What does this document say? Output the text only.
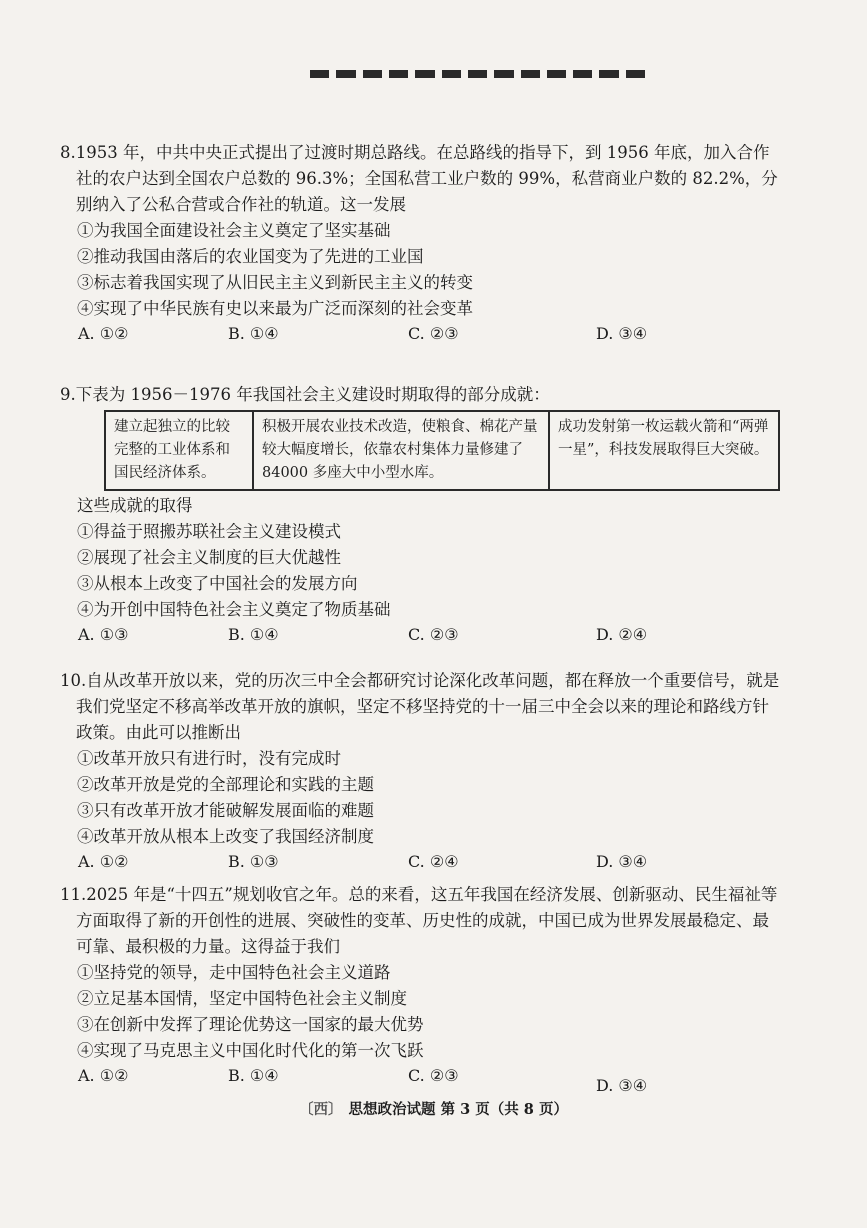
8.1953 年，中共中央正式提出了过渡时期总路线。在总路线的指导下，到 1956 年底，加入合作社的农户达到全国农户总数的 96.3%；全国私营工业户数的 99%，私营商业户数的 82.2%，分别纳入了公私合营或合作社的轨道。这一发展
①为我国全面建设社会主义奠定了坚实基础
②推动我国由落后的农业国变为了先进的工业国
③标志着我国实现了从旧民主主义到新民主主义的转变
④实现了中华民族有史以来最为广泛而深刻的社会变革
A. ①②	B. ①④	C. ②③	D. ③④
9.下表为 1956－1976 年我国社会主义建设时期取得的部分成就：
建立起独立的比较完整的工业体系和国民经济体系。	积极开展农业技术改造，使粮食、棉花产量较大幅度增长，依靠农村集体力量修建了 84000 多座大中小型水库。	成功发射第一枚运载火箭和“两弹一星”，科技发展取得巨大突破。
这些成就的取得
①得益于照搬苏联社会主义建设模式
②展现了社会主义制度的巨大优越性
③从根本上改变了中国社会的发展方向
④为开创中国特色社会主义奠定了物质基础
A. ①③	B. ①④	C. ②③	D. ②④
10.自从改革开放以来，党的历次三中全会都研究讨论深化改革问题，都在释放一个重要信号，就是我们党坚定不移高举改革开放的旗帜，坚定不移坚持党的十一届三中全会以来的理论和路线方针政策。由此可以推断出
①改革开放只有进行时，没有完成时
②改革开放是党的全部理论和实践的主题
③只有改革开放才能破解发展面临的难题
④改革开放从根本上改变了我国经济制度
A. ①②	B. ①③	C. ②④	D. ③④
11.2025 年是“十四五”规划收官之年。总的来看，这五年我国在经济发展、创新驱动、民生福祉等方面取得了新的开创性的进展、突破性的变革、历史性的成就，中国已成为世界发展最稳定、最可靠、最积极的力量。这得益于我们
①坚持党的领导，走中国特色社会主义道路
②立足基本国情，坚定中国特色社会主义制度
③在创新中发挥了理论优势这一国家的最大优势
④实现了马克思主义中国化时代化的第一次飞跃
A. ①②	B. ①④	C. ②③
D. ③④
〔西〕 思想政治试题 第 3 页（共 8 页）
